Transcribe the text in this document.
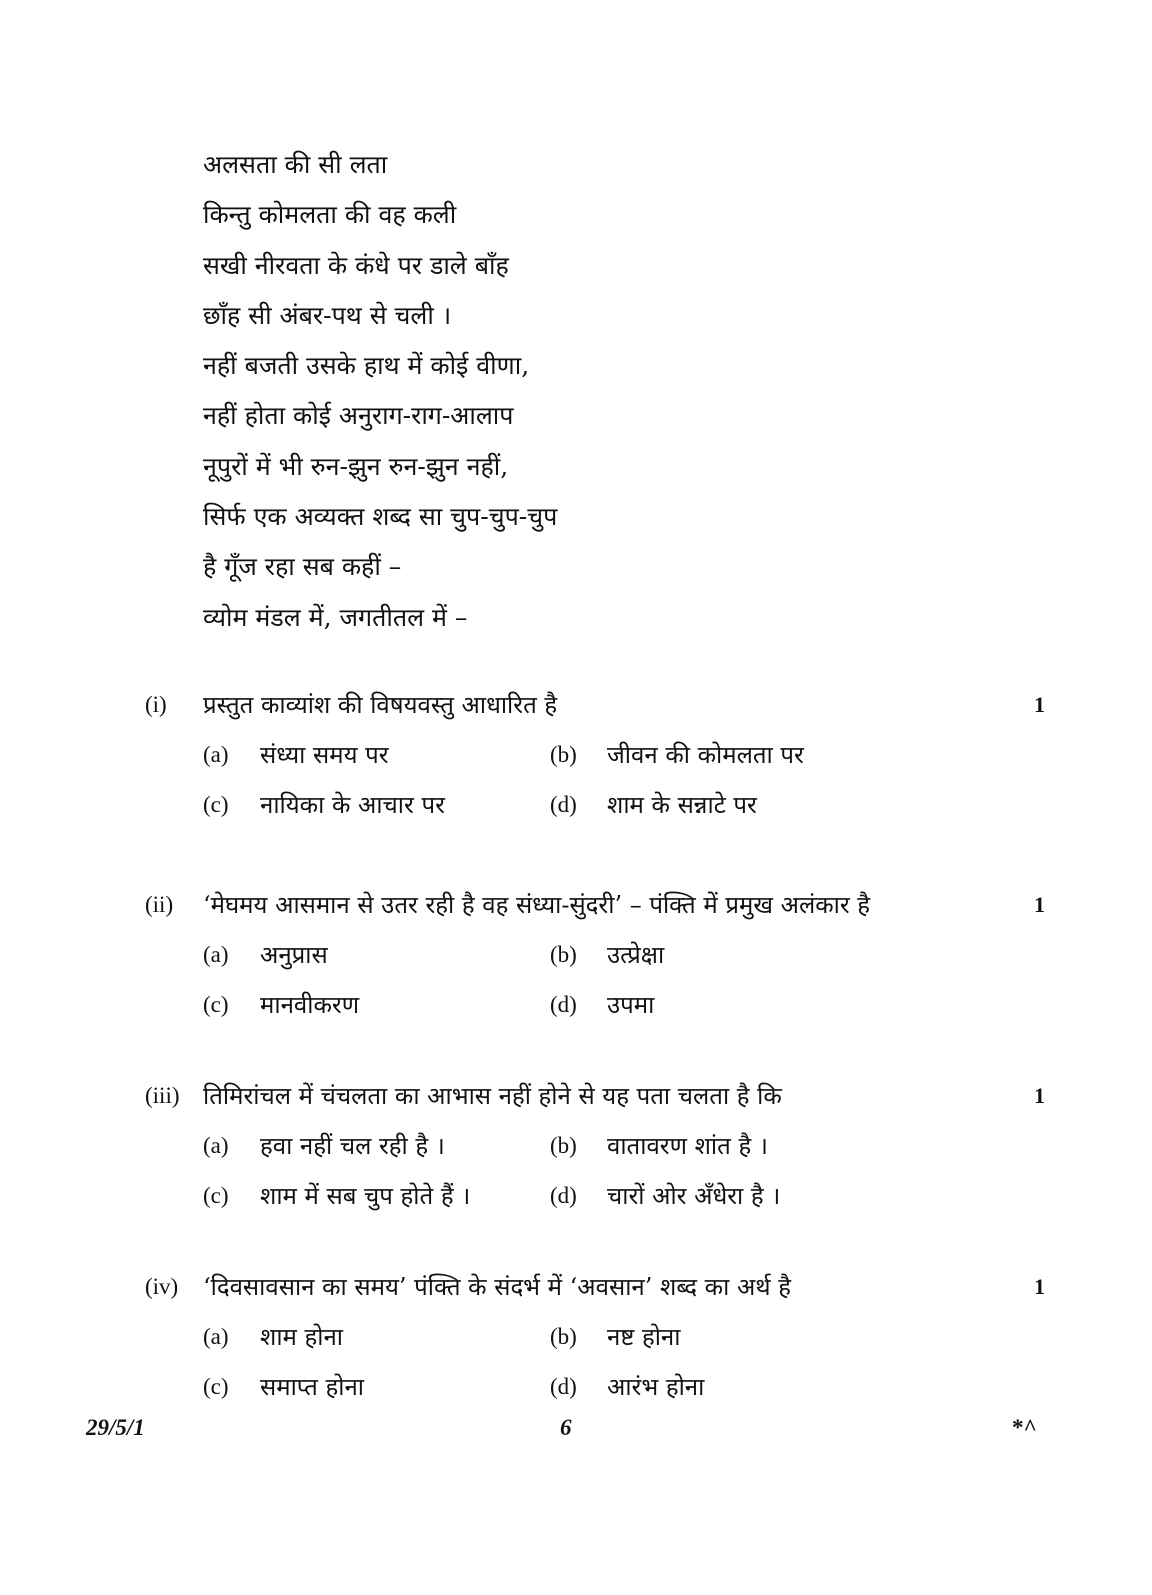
अलसता की सी लता
किन्तु कोमलता की वह कली
सखी नीरवता के कंधे पर डाले बाँह
छाँह सी अंबर-पथ से चली ।
नहीं बजती उसके हाथ में कोई वीणा,
नहीं होता कोई अनुराग-राग-आलाप
नूपुरों में भी रुन-झुन रुन-झुन नहीं,
सिर्फ एक अव्यक्त शब्द सा चुप-चुप-चुप
है गूँज रहा सब कहीं –
व्योम मंडल में, जगतीतल में –
(i) प्रस्तुत काव्यांश की विषयवस्तु आधारित है	1
(a) संध्या समय पर	(b) जीवन की कोमलता पर
(c) नायिका के आचार पर	(d) शाम के सन्नाटे पर
(ii) ‘मेघमय आसमान से उतर रही है वह संध्या-सुंदरी’ – पंक्ति में प्रमुख अलंकार है	1
(a) अनुप्रास	(b) उत्प्रेक्षा
(c) मानवीकरण	(d) उपमा
(iii) तिमिरांचल में चंचलता का आभास नहीं होने से यह पता चलता है कि	1
(a) हवा नहीं चल रही है ।	(b) वातावरण शांत है ।
(c) शाम में सब चुप होते हैं ।	(d) चारों ओर अँधेरा है ।
(iv) ‘दिवसावसान का समय’ पंक्ति के संदर्भ में ‘अवसान’ शब्द का अर्थ है	1
(a) शाम होना	(b) नष्ट होना
(c) समाप्त होना	(d) आरंभ होना
29/5/1	6	*^
